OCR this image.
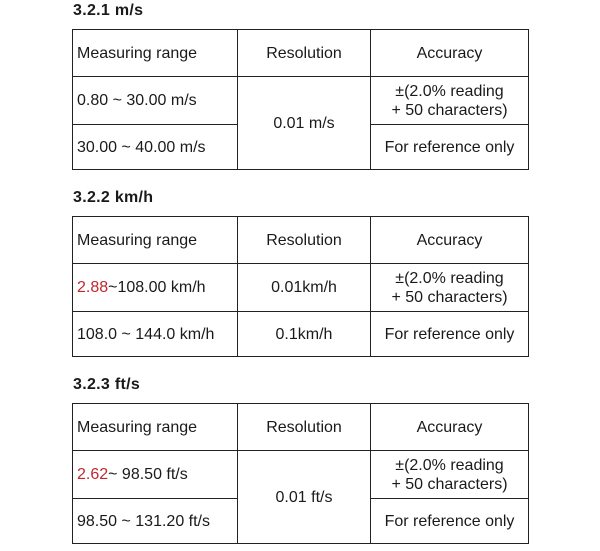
3.2.1 m/s
Measuring range	Resolution	Accuracy
0.80 ~ 30.00 m/s	0.01 m/s	±(2.0% reading
+ 50 characters)
30.00 ~ 40.00 m/s		For reference only
3.2.2 km/h
Measuring range	Resolution	Accuracy
2.88~108.00 km/h	0.01km/h	±(2.0% reading
+ 50 characters)
108.0 ~ 144.0 km/h	0.1km/h	For reference only
3.2.3 ft/s
Measuring range	Resolution	Accuracy
2.62~ 98.50 ft/s	0.01 ft/s	±(2.0% reading
+ 50 characters)
98.50 ~ 131.20 ft/s		For reference only
